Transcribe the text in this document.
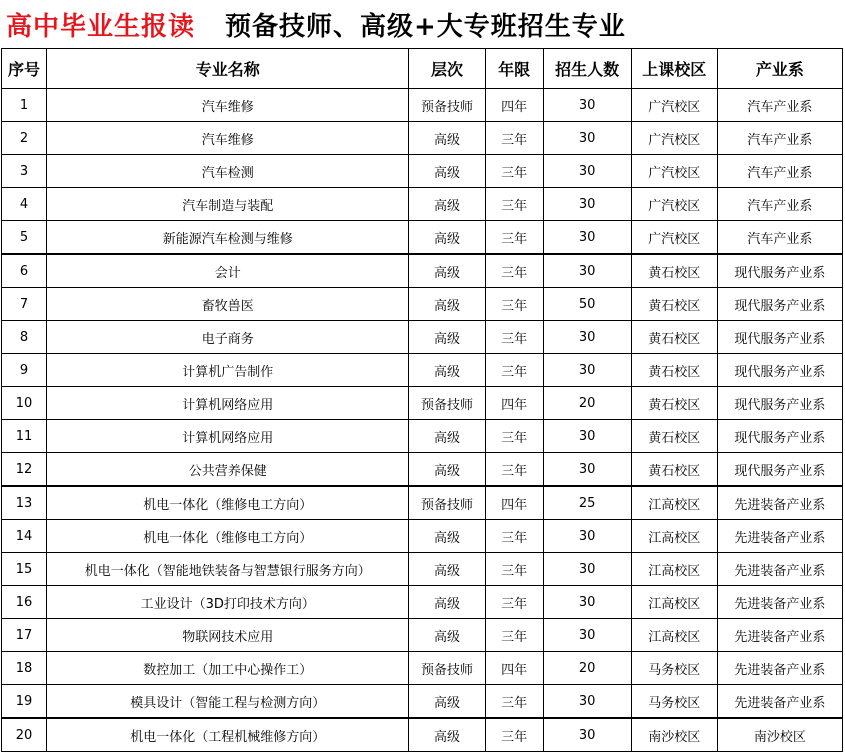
高中毕业生报读 预备技师、高级+大专班招生专业
序号	专业名称	层次	年限	招生人数	上课校区	产业系
1	汽车维修	预备技师	四年	30	广汽校区	汽车产业系
2	汽车维修	高级	三年	30	广汽校区	汽车产业系
3	汽车检测	高级	三年	30	广汽校区	汽车产业系
4	汽车制造与装配	高级	三年	30	广汽校区	汽车产业系
5	新能源汽车检测与维修	高级	三年	30	广汽校区	汽车产业系
6	会计	高级	三年	30	黄石校区	现代服务产业系
7	畜牧兽医	高级	三年	50	黄石校区	现代服务产业系
8	电子商务	高级	三年	30	黄石校区	现代服务产业系
9	计算机广告制作	高级	三年	30	黄石校区	现代服务产业系
10	计算机网络应用	预备技师	四年	20	黄石校区	现代服务产业系
11	计算机网络应用	高级	三年	30	黄石校区	现代服务产业系
12	公共营养保健	高级	三年	30	黄石校区	现代服务产业系
13	机电一体化（维修电工方向）	预备技师	四年	25	江高校区	先进装备产业系
14	机电一体化（维修电工方向）	高级	三年	30	江高校区	先进装备产业系
15	机电一体化（智能地铁装备与智慧银行服务方向）	高级	三年	30	江高校区	先进装备产业系
16	工业设计（3D打印技术方向）	高级	三年	30	江高校区	先进装备产业系
17	物联网技术应用	高级	三年	30	江高校区	先进装备产业系
18	数控加工（加工中心操作工）	预备技师	四年	20	马务校区	先进装备产业系
19	模具设计（智能工程与检测方向）	高级	三年	30	马务校区	先进装备产业系
20	机电一体化（工程机械维修方向）	高级	三年	30	南沙校区	南沙校区
